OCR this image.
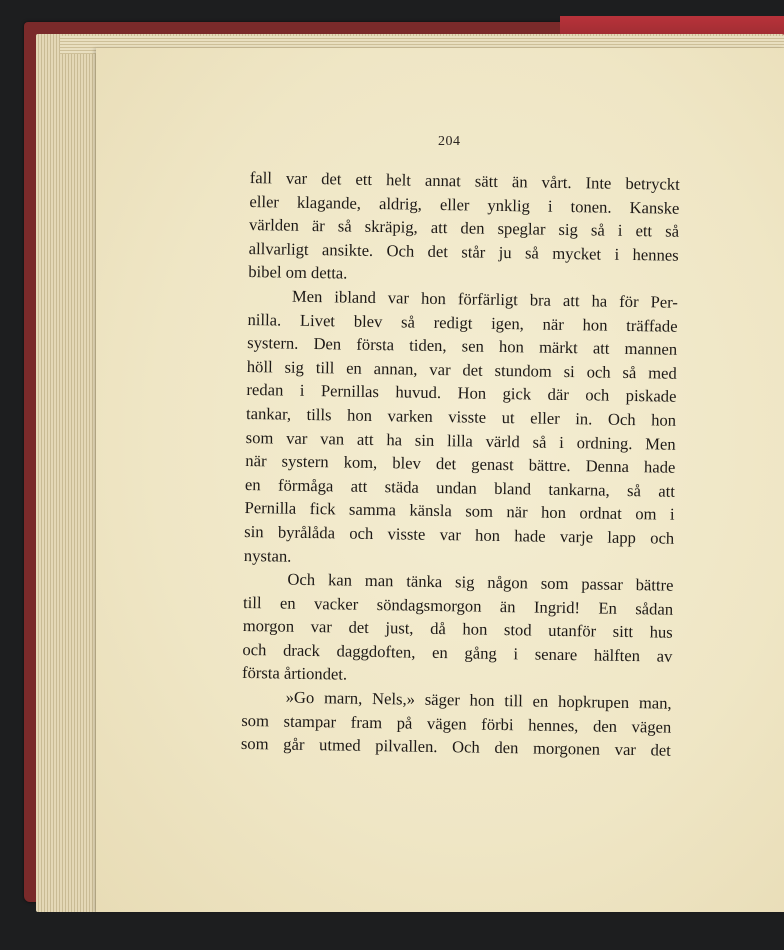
204
fall var det ett helt annat sätt än vårt. Inte betryckt
eller klagande, aldrig, eller ynklig i tonen. Kanske
världen är så skräpig, att den speglar sig så i ett så
allvarligt ansikte. Och det står ju så mycket i hennes
bibel om detta.
Men ibland var hon förfärligt bra att ha för Per-
nilla. Livet blev så redigt igen, när hon träffade
systern. Den första tiden, sen hon märkt att mannen
höll sig till en annan, var det stundom si och så med
redan i Pernillas huvud. Hon gick där och piskade
tankar, tills hon varken visste ut eller in. Och hon
som var van att ha sin lilla värld så i ordning. Men
när systern kom, blev det genast bättre. Denna hade
en förmåga att städa undan bland tankarna, så att
Pernilla fick samma känsla som när hon ordnat om i
sin byrålåda och visste var hon hade varje lapp och
nystan.
Och kan man tänka sig någon som passar bättre
till en vacker söndagsmorgon än Ingrid! En sådan
morgon var det just, då hon stod utanför sitt hus
och drack daggdoften, en gång i senare hälften av
första årtiondet.
»Go marn, Nels,» säger hon till en hopkrupen man,
som stampar fram på vägen förbi hennes, den vägen
som går utmed pilvallen. Och den morgonen var det
